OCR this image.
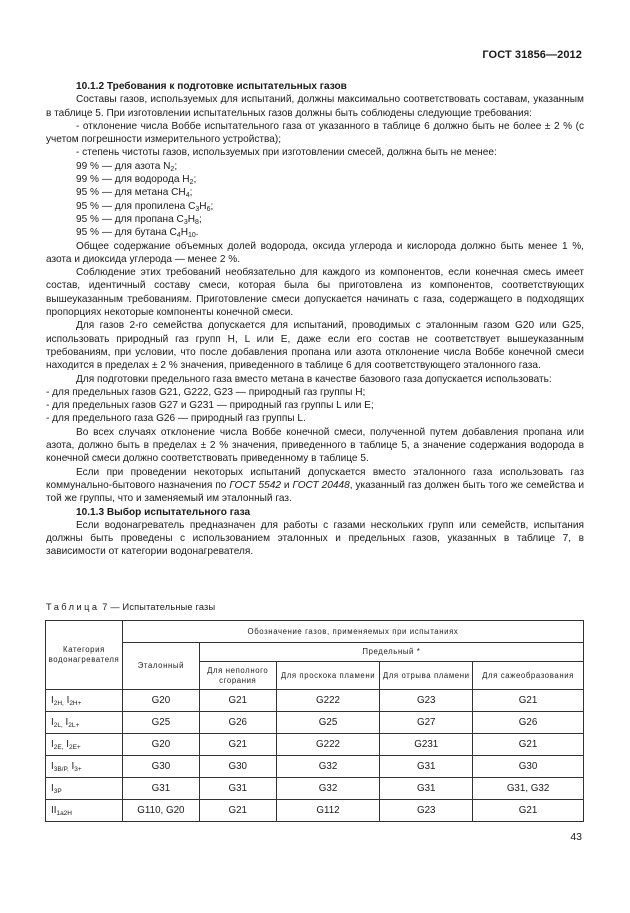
ГОСТ 31856—2012

10.1.2 Требования к подготовке испытательных газов

Составы газов, используемых для испытаний, должны максимально соответствовать составам, указанным в таблице 5. При изготовлении испытательных газов должны быть соблюдены следующие требования:

- отклонение числа Воббе испытательного газа от указанного в таблице 6 должно быть не более ± 2 % (с учетом погрешности измерительного устройства);

- степень чистоты газов, используемых при изготовлении смесей, должна быть не менее:

99 % — для азота $N_2$;

99 % — для водорода $H_2$;

95 % — для метана $CH_4$;

95 % — для пропилена $C_3H_6$;

95 % — для пропана $C_3H_8$;

95 % — для бутана $C_4H_{10}$.

Общее содержание объемных долей водорода, оксида углерода и кислорода должно быть менее 1 %, азота и диоксида углерода — менее 2 %.

Соблюдение этих требований необязательно для каждого из компонентов, если конечная смесь имеет состав, идентичный составу смеси, которая была бы приготовлена из компонентов, соответствующих вышеуказанным требованиям. Приготовление смеси допускается начинать с газа, содержащего в подходящих пропорциях некоторые компоненты конечной смеси.

Для газов 2-го семейства допускается для испытаний, проводимых с эталонным газом G20 или G25, использовать природный газ групп H, L или E, даже если его состав не соответствует вышеуказанным требованиям, при условии, что после добавления пропана или азота отклонение числа Воббе конечной смеси находится в пределах ± 2 % значения, приведенного в таблице 6 для соответствующего эталонного газа.

Для подготовки предельного газа вместо метана в качестве базового газа допускается использовать:

- для предельных газов G21, G222, G23 — природный газ группы H;

- для предельных газов G27 и G231 — природный газ группы L или E;

- для предельного газа G26 — природный газ группы L.

Во всех случаях отклонение числа Воббе конечной смеси, полученной путем добавления пропана или азота, должно быть в пределах ± 2 % значения, приведенного в таблице 5, а значение содержания водорода в конечной смеси должно соответствовать приведенному в таблице 5.

Если при проведении некоторых испытаний допускается вместо эталонного газа использовать газ коммунально-бытового назначения по ГОСТ 5542 и ГОСТ 20448, указанный газ должен быть того же семейства и той же группы, что и заменяемый им эталонный газ.

10.1.3 Выбор испытательного газа

Если водонагреватель предназначен для работы с газами нескольких групп или семейств, испытания должны быть проведены с использованием эталонных и предельных газов, указанных в таблице 7, в зависимости от категории водонагревателя.

Таблица 7 — Испытательные газы
Категория водонагревателя	Обозначение газов, применяемых при испытаниях				
	Эталонный	Предельный *			
		Для неполного сгорания	Для проскока пламени	Для отрыва пламени	Для сажеобразования
$I_{2H,}$ $I_{2H+}$	G20	G21	G222	G23	G21
$I_{2L,}$ $I_{2L+}$	G25	G26	G25	G27	G26
$I_{2E,}$ $I_{2E+}$	G20	G21	G222	G231	G21
$I_{3B/P,}$ $I_{3+}$	G30	G30	G32	G31	G30
$I_{3P}$	G31	G31	G32	G31	G31, G32
$II_{1a2H}$	G110, G20	G21	G112	G23	G21
43
